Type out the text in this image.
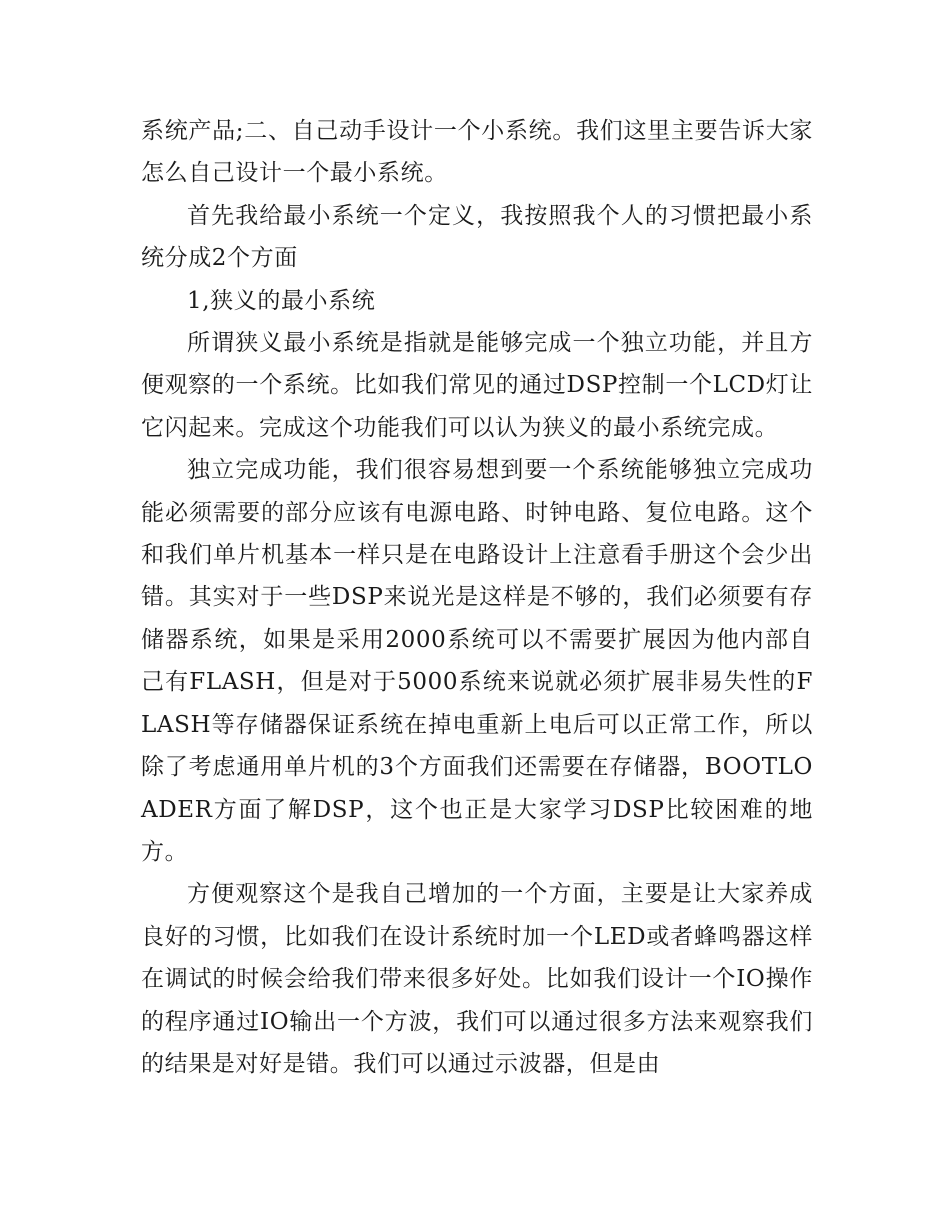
系统产品;二、自己动手设计一个小系统。我们这里主要告诉大家怎么自己设计一个最小系统。

首先我给最小系统一个定义，我按照我个人的习惯把最小系统分成2个方面

1,狭义的最小系统

所谓狭义最小系统是指就是能够完成一个独立功能，并且方便观察的一个系统。比如我们常见的通过DSP控制一个LCD灯让它闪起来。完成这个功能我们可以认为狭义的最小系统完成。

独立完成功能，我们很容易想到要一个系统能够独立完成功能必须需要的部分应该有电源电路、时钟电路、复位电路。这个和我们单片机基本一样只是在电路设计上注意看手册这个会少出错。其实对于一些DSP来说光是这样是不够的，我们必须要有存储器系统，如果是采用2000系统可以不需要扩展因为他内部自己有FLASH，但是对于5000系统来说就必须扩展非易失性的FLASH等存储器保证系统在掉电重新上电后可以正常工作，所以除了考虑通用单片机的3个方面我们还需要在存储器，BOOTLOADER方面了解DSP，这个也正是大家学习DSP比较困难的地方。

方便观察这个是我自己增加的一个方面，主要是让大家养成良好的习惯，比如我们在设计系统时加一个LED或者蜂鸣器这样在调试的时候会给我们带来很多好处。比如我们设计一个IO操作的程序通过IO输出一个方波，我们可以通过很多方法来观察我们的结果是对好是错。我们可以通过示波器，但是由
